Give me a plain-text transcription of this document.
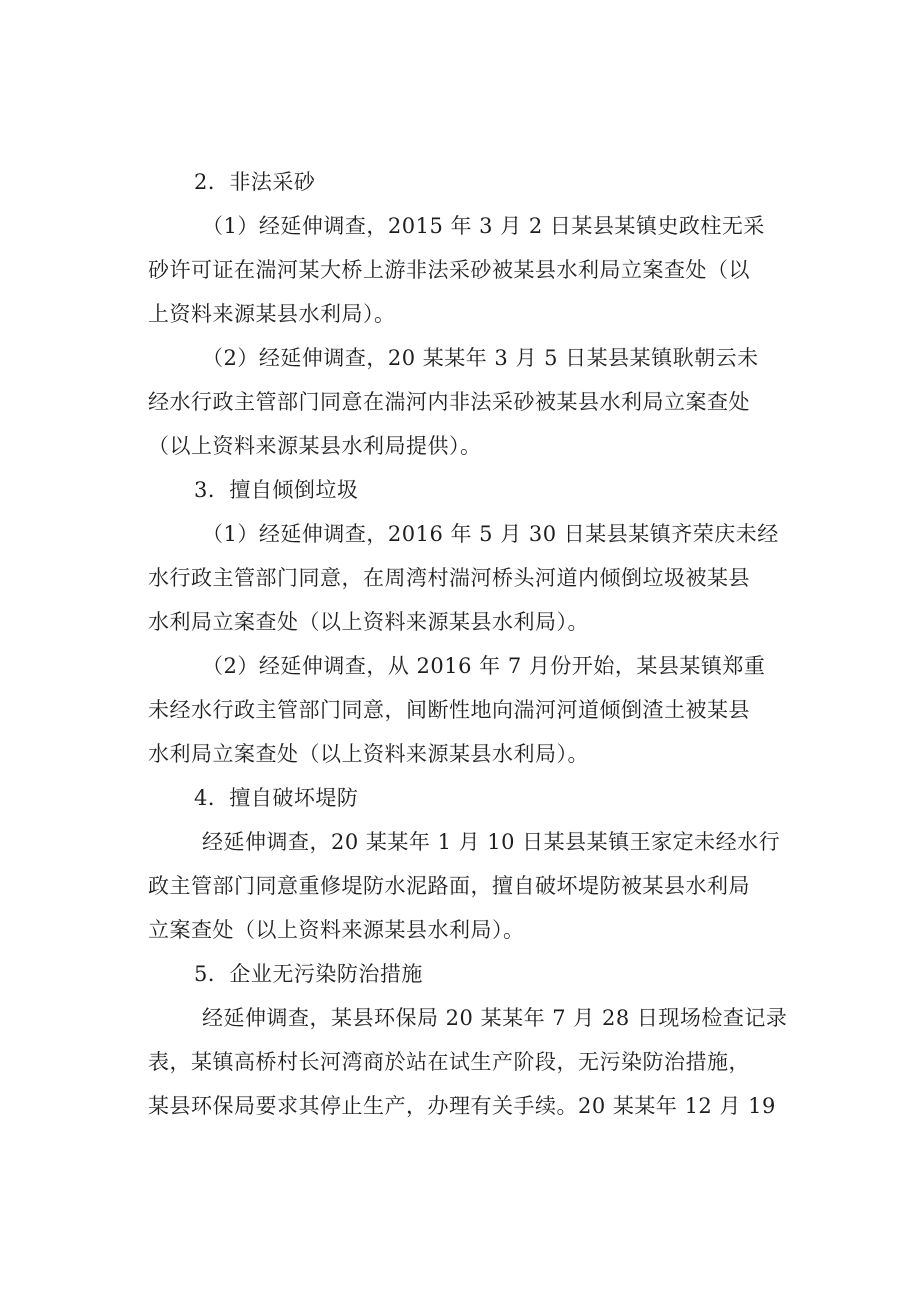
2．非法采砂

（1）经延伸调查，2015 年 3 月 2 日某县某镇史政柱无采
砂许可证在湍河某大桥上游非法采砂被某县水利局立案查处（以
上资料来源某县水利局）。

（2）经延伸调查，20 某某年 3 月 5 日某县某镇耿朝云未
经水行政主管部门同意在湍河内非法采砂被某县水利局立案查处
（以上资料来源某县水利局提供）。

3．擅自倾倒垃圾

（1）经延伸调查，2016 年 5 月 30 日某县某镇齐荣庆未经
水行政主管部门同意，在周湾村湍河桥头河道内倾倒垃圾被某县
水利局立案查处（以上资料来源某县水利局）。

（2）经延伸调查，从 2016 年 7 月份开始，某县某镇郑重
未经水行政主管部门同意，间断性地向湍河河道倾倒渣土被某县
水利局立案查处（以上资料来源某县水利局）。

4．擅自破坏堤防

经延伸调查，20 某某年 1 月 10 日某县某镇王家定未经水行
政主管部门同意重修堤防水泥路面，擅自破坏堤防被某县水利局
立案查处（以上资料来源某县水利局）。

5．企业无污染防治措施

经延伸调查，某县环保局 20 某某年 7 月 28 日现场检查记录
表，某镇高桥村长河湾商於站在试生产阶段，无污染防治措施，
某县环保局要求其停止生产，办理有关手续。20 某某年 12 月 19
